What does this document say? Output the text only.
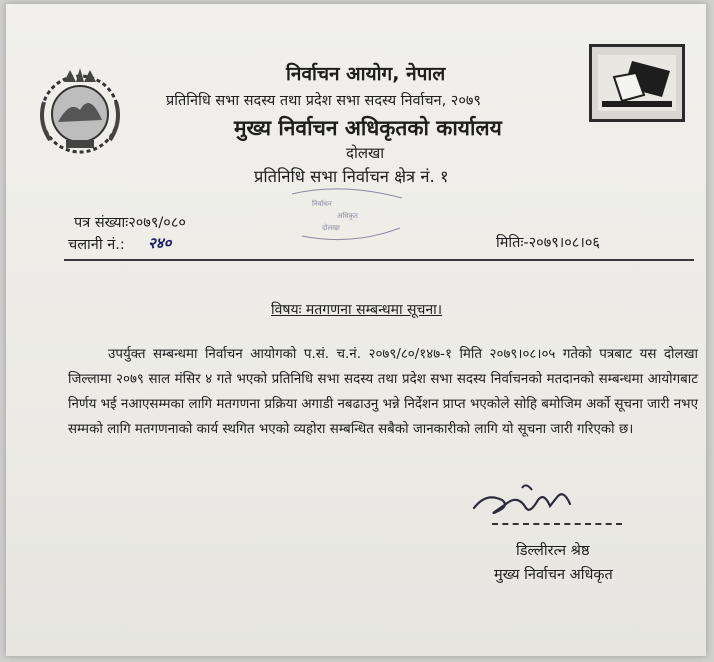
निर्वाचन आयोग, नेपाल
प्रतिनिधि सभा सदस्य तथा प्रदेश सभा सदस्य निर्वाचन, २०७९
मुख्य निर्वाचन अधिकृतको कार्यालय
दोलखा
प्रतिनिधि सभा निर्वाचन क्षेत्र नं. १
निर्वाचन
अधिकृत
दोलखा
पत्र संख्याः२०७९/०८०
चलानी नं.: २४०	मितिः-२०७९।०८।०६
विषयः मतगणना सम्बन्धमा सूचना।
उपर्युक्त सम्बन्धमा निर्वाचन आयोगको प.सं. च.नं. २०७९/८०/१४७-१ मिति २०७९।०८।०५ गतेको पत्रबाट यस दोलखा जिल्लामा २०७९ साल मंसिर ४ गते भएको प्रतिनिधि सभा सदस्य तथा प्रदेश सभा सदस्य निर्वाचनको मतदानको सम्बन्धमा आयोगबाट निर्णय भई नआएसम्मका लागि मतगणना प्रक्रिया अगाडी नबढाउनु भन्ने निर्देशन प्राप्त भएकोले सोहि बमोजिम अर्को सूचना जारी नभए सम्मको लागि मतगणनाको कार्य स्थगित भएको व्यहोरा सम्बन्धित सबैको जानकारीको लागि यो सूचना जारी गरिएको छ।
डिल्लीरत्न श्रेष्ठ
मुख्य निर्वाचन अधिकृत
